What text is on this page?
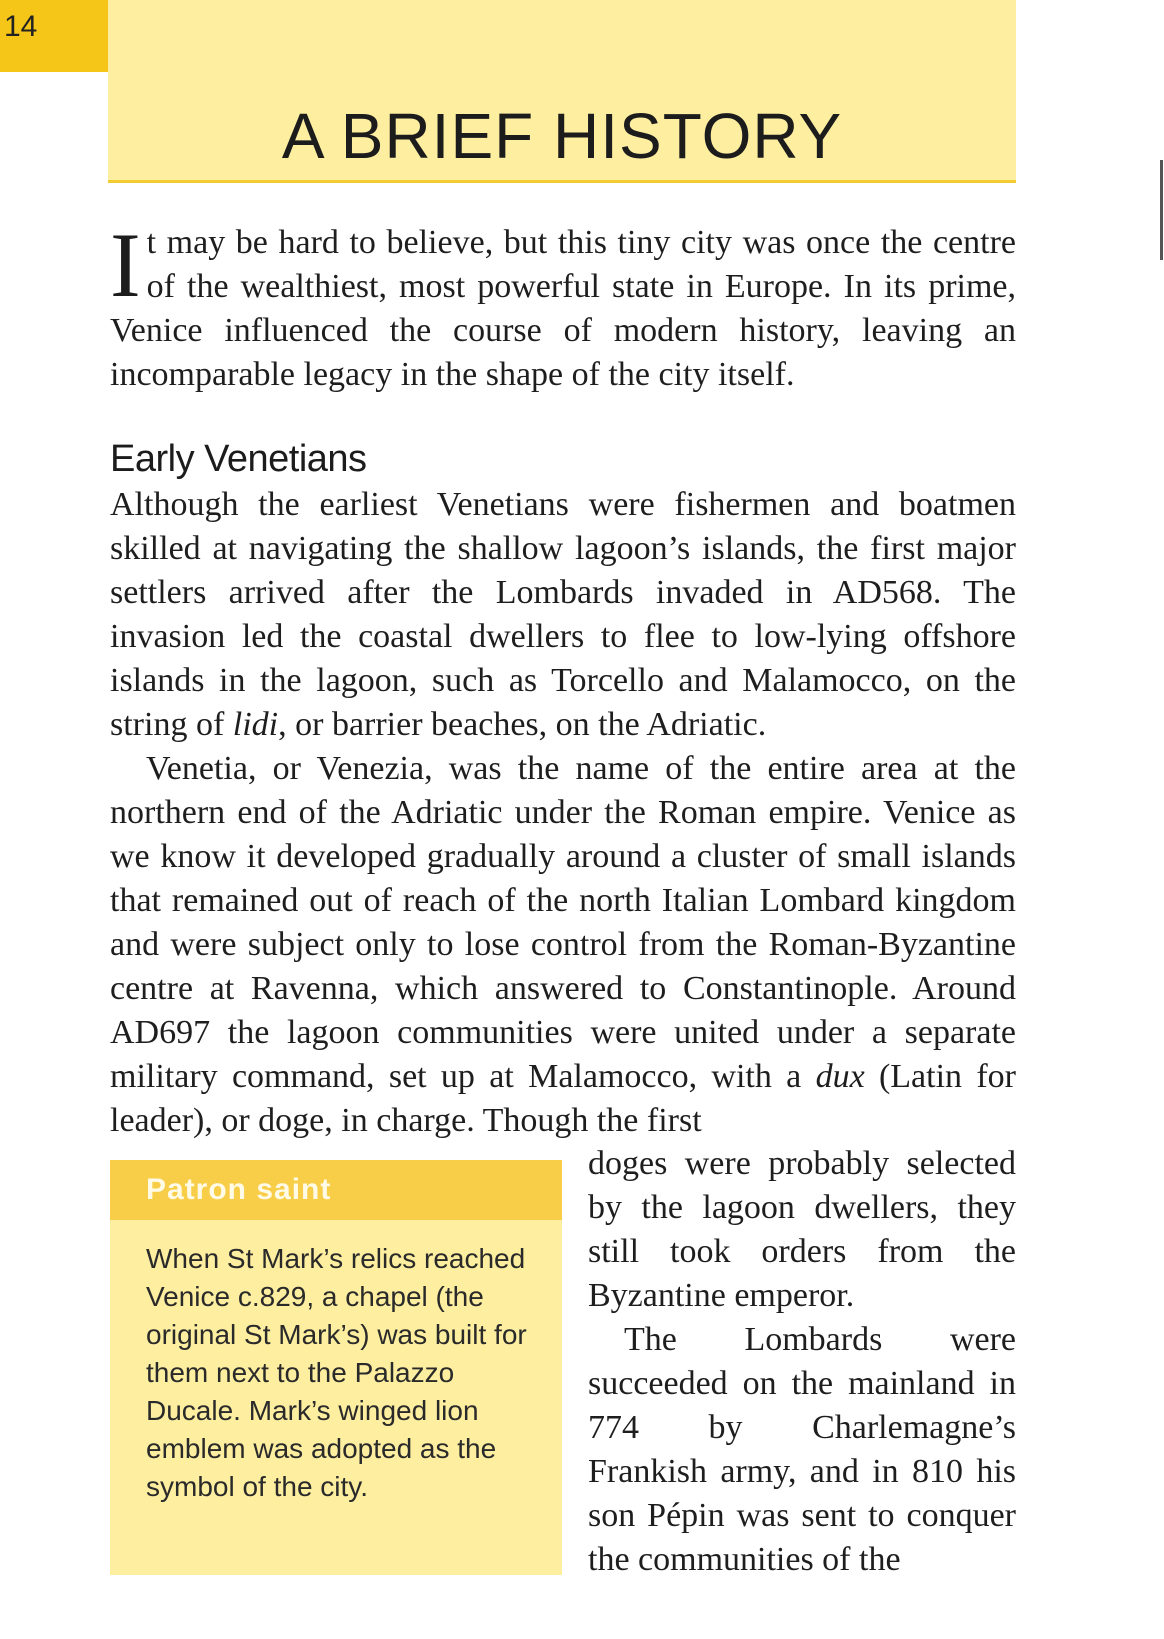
14
A BRIEF HISTORY

It may be hard to believe, but this tiny city was once the centre of the wealthiest, most powerful state in Europe. In its prime, Venice influenced the course of modern history, leaving an incomparable legacy in the shape of the city itself.

Early Venetians

Although the earliest Venetians were fishermen and boatmen skilled at navigating the shallow lagoon’s islands, the first major settlers arrived after the Lombards invaded in AD568. The invasion led the coastal dwellers to flee to low-lying offshore islands in the lagoon, such as Torcello and Malamocco, on the string of lidi, or barrier beaches, on the Adriatic.

Venetia, or Venezia, was the name of the entire area at the northern end of the Adriatic under the Roman empire. Venice as we know it developed gradually around a cluster of small islands that remained out of reach of the north Italian Lombard kingdom and were subject only to lose control from the Roman-Byzantine centre at Ravenna, which answered to Constantinople. Around AD697 the lagoon communities were united under a separate military command, set up at Malamocco, with a dux (Latin for leader), or doge, in charge. Though the first

Patron saint

When St Mark’s relics reached Venice c.829, a chapel (the original St Mark’s) was built for them next to the Palazzo Ducale. Mark’s winged lion emblem was adopted as the symbol of the city.

doges were probably selected by the lagoon dwellers, they still took orders from the Byzantine emperor.

The Lombards were succeeded on the mainland in 774 by Charlemagne’s Frankish army, and in 810 his son Pépin was sent to conquer the communities of the
